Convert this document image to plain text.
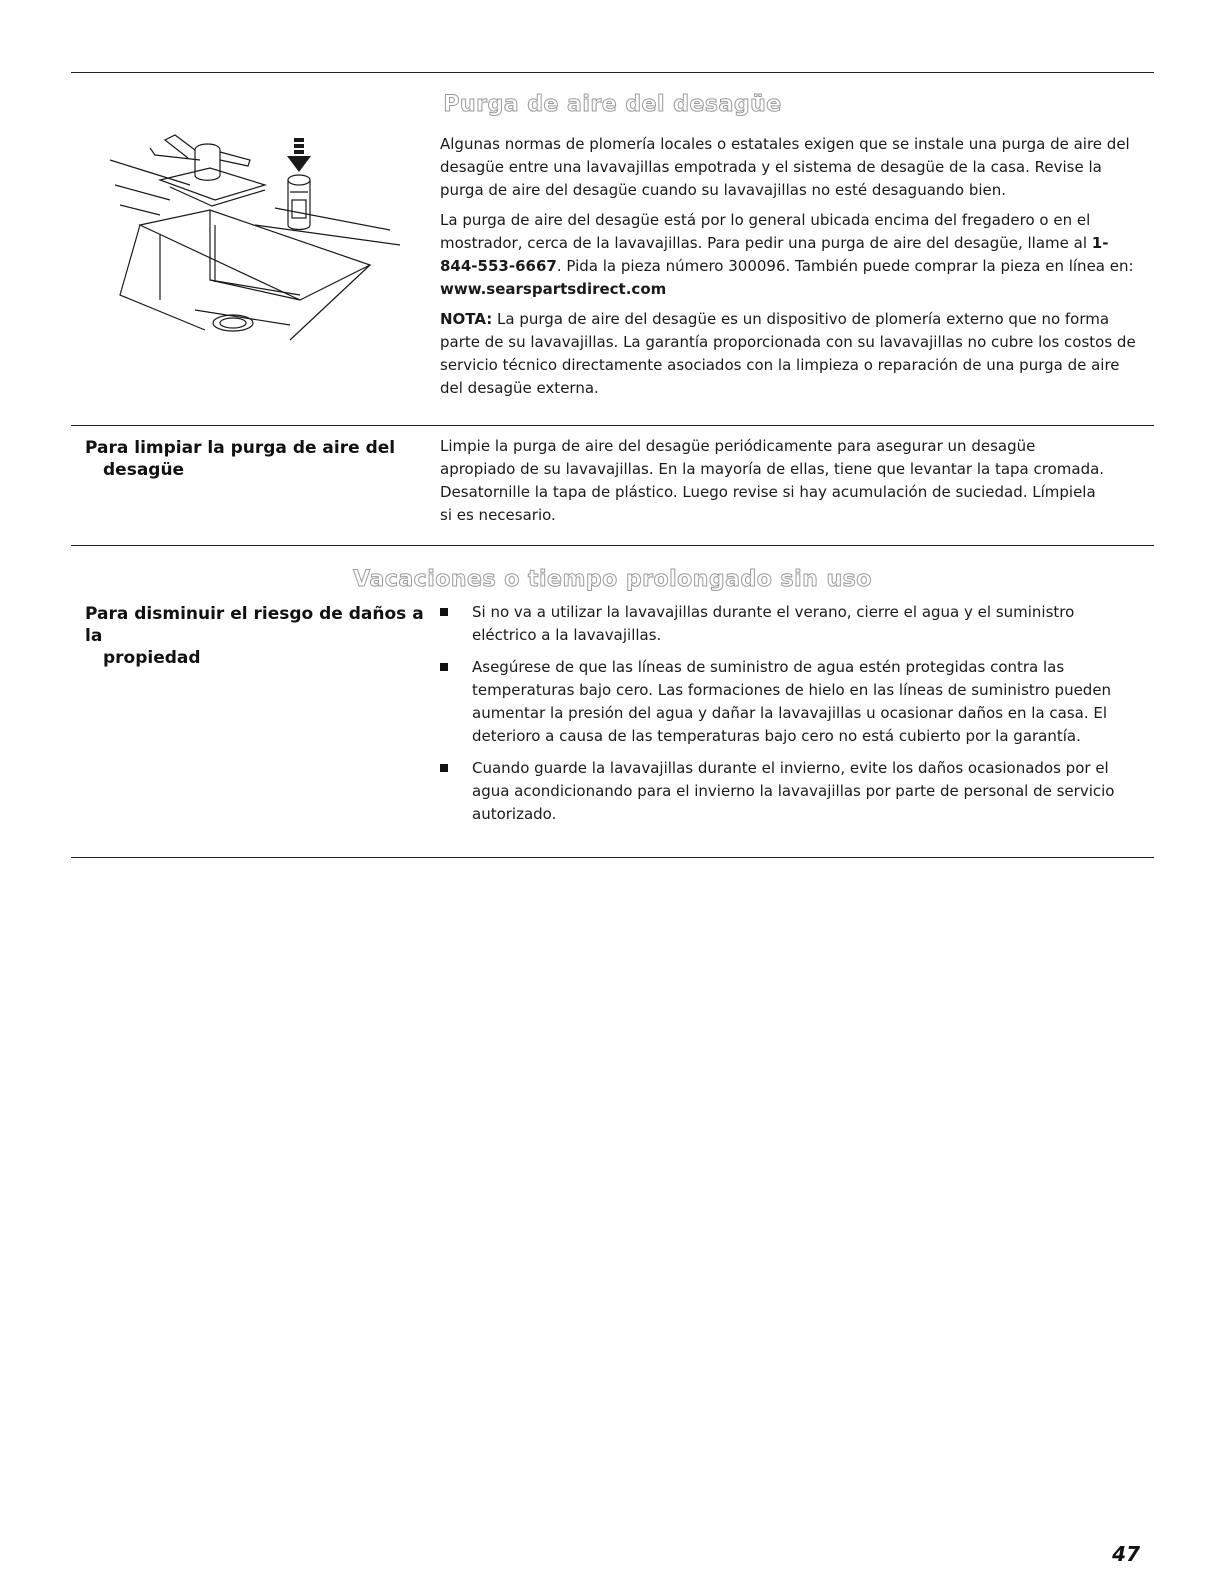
Purga de aire del desagüe

Algunas normas de plomería locales o estatales exigen que se instale una purga de aire del desagüe entre una lavavajillas empotrada y el sistema de desagüe de la casa. Revise la purga de aire del desagüe cuando su lavavajillas no esté desaguando bien.

La purga de aire del desagüe está por lo general ubicada encima del fregadero o en el mostrador, cerca de la lavavajillas. Para pedir una purga de aire del desagüe, llame al 1-844-553-6667. Pida la pieza número 300096. También puede comprar la pieza en línea en: www.searspartsdirect.com

NOTA: La purga de aire del desagüe es un dispositivo de plomería externo que no forma parte de su lavavajillas. La garantía proporcionada con su lavavajillas no cubre los costos de servicio técnico directamente asociados con la limpieza o reparación de una purga de aire del desagüe externa.

Para limpiar la purga de aire del
desagüe

Limpie la purga de aire del desagüe periódicamente para asegurar un desagüe apropiado de su lavavajillas. En la mayoría de ellas, tiene que levantar la tapa cromada. Desatornille la tapa de plástico. Luego revise si hay acumulación de suciedad. Límpiela si es necesario.

Vacaciones o tiempo prolongado sin uso
Para disminuir el riesgo de daños a la
propiedad
Si no va a utilizar la lavavajillas durante el verano, cierre el agua y el suministro eléctrico a la lavavajillas.
Asegúrese de que las líneas de suministro de agua estén protegidas contra las temperaturas bajo cero. Las formaciones de hielo en las líneas de suministro pueden aumentar la presión del agua y dañar la lavavajillas u ocasionar daños en la casa. El deterioro a causa de las temperaturas bajo cero no está cubierto por la garantía.
Cuando guarde la lavavajillas durante el invierno, evite los daños ocasionados por el agua acondicionando para el invierno la lavavajillas por parte de personal de servicio autorizado.
47
